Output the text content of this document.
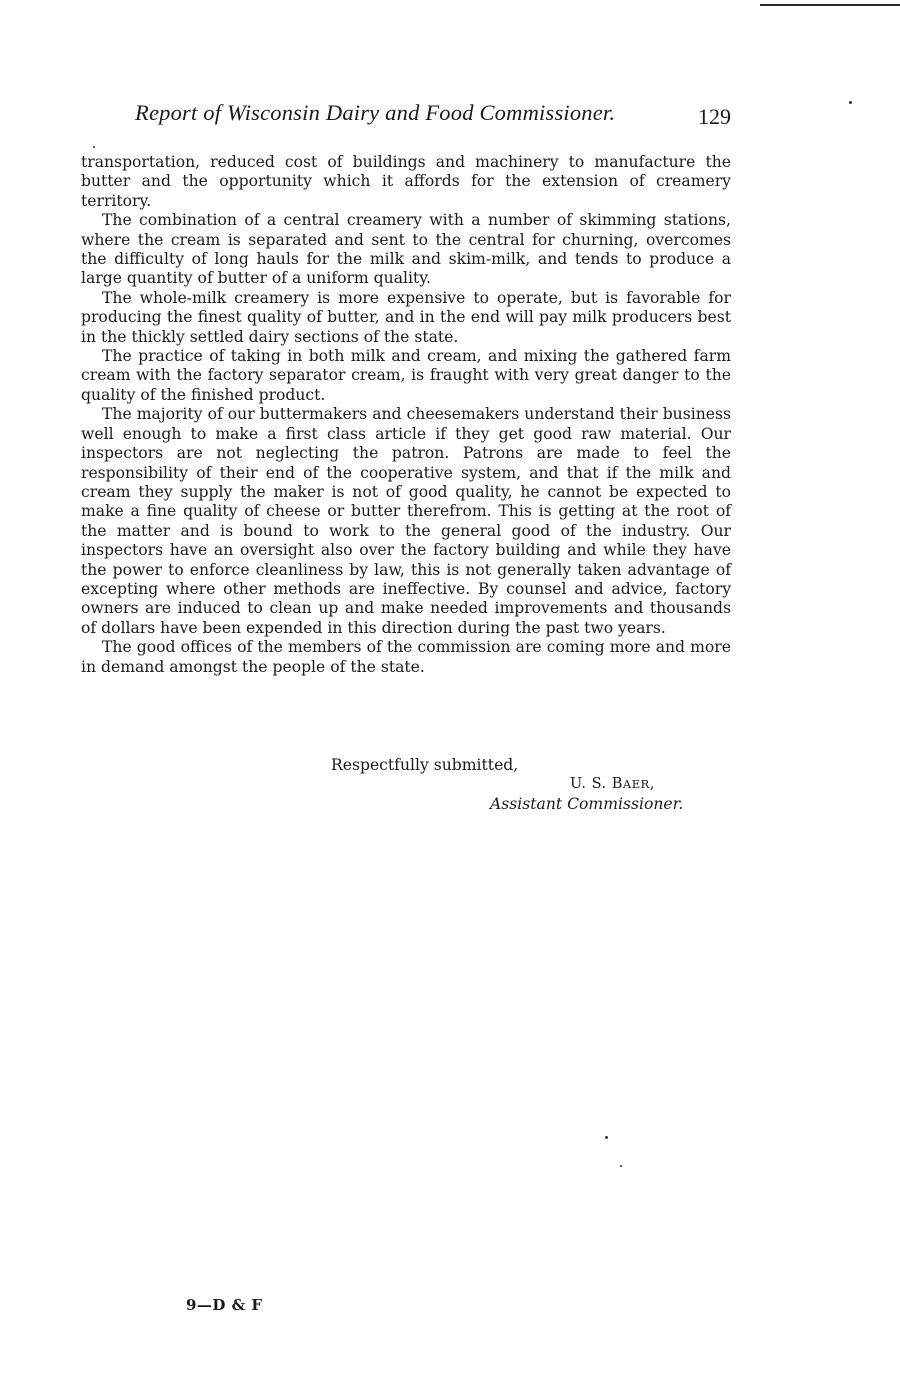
Report of Wisconsin Dairy and Food Commissioner.	129

transportation, reduced cost of buildings and machinery to manufacture the butter and the opportunity which it affords for the extension of creamery territory.

The combination of a central creamery with a number of skimming stations, where the cream is separated and sent to the central for churning, overcomes the difficulty of long hauls for the milk and skim-milk, and tends to produce a large quantity of butter of a uniform quality.

The whole-milk creamery is more expensive to operate, but is favorable for producing the finest quality of butter, and in the end will pay milk producers best in the thickly settled dairy sections of the state.

The practice of taking in both milk and cream, and mixing the gathered farm cream with the factory separator cream, is fraught with very great danger to the quality of the finished product.

The majority of our buttermakers and cheesemakers understand their business well enough to make a first class article if they get good raw material. Our inspectors are not neglecting the patron. Patrons are made to feel the responsibility of their end of the cooperative system, and that if the milk and cream they supply the maker is not of good quality, he cannot be expected to make a fine quality of cheese or butter therefrom. This is getting at the root of the matter and is bound to work to the general good of the industry. Our inspectors have an oversight also over the factory building and while they have the power to enforce cleanliness by law, this is not generally taken advantage of excepting where other methods are ineffective. By counsel and advice, factory owners are induced to clean up and make needed improvements and thousands of dollars have been expended in this direction during the past two years.

The good offices of the members of the commission are coming more and more in demand amongst the people of the state.

Respectfully submitted,
U. S. BAER,
Assistant Commissioner.
9—D & F
